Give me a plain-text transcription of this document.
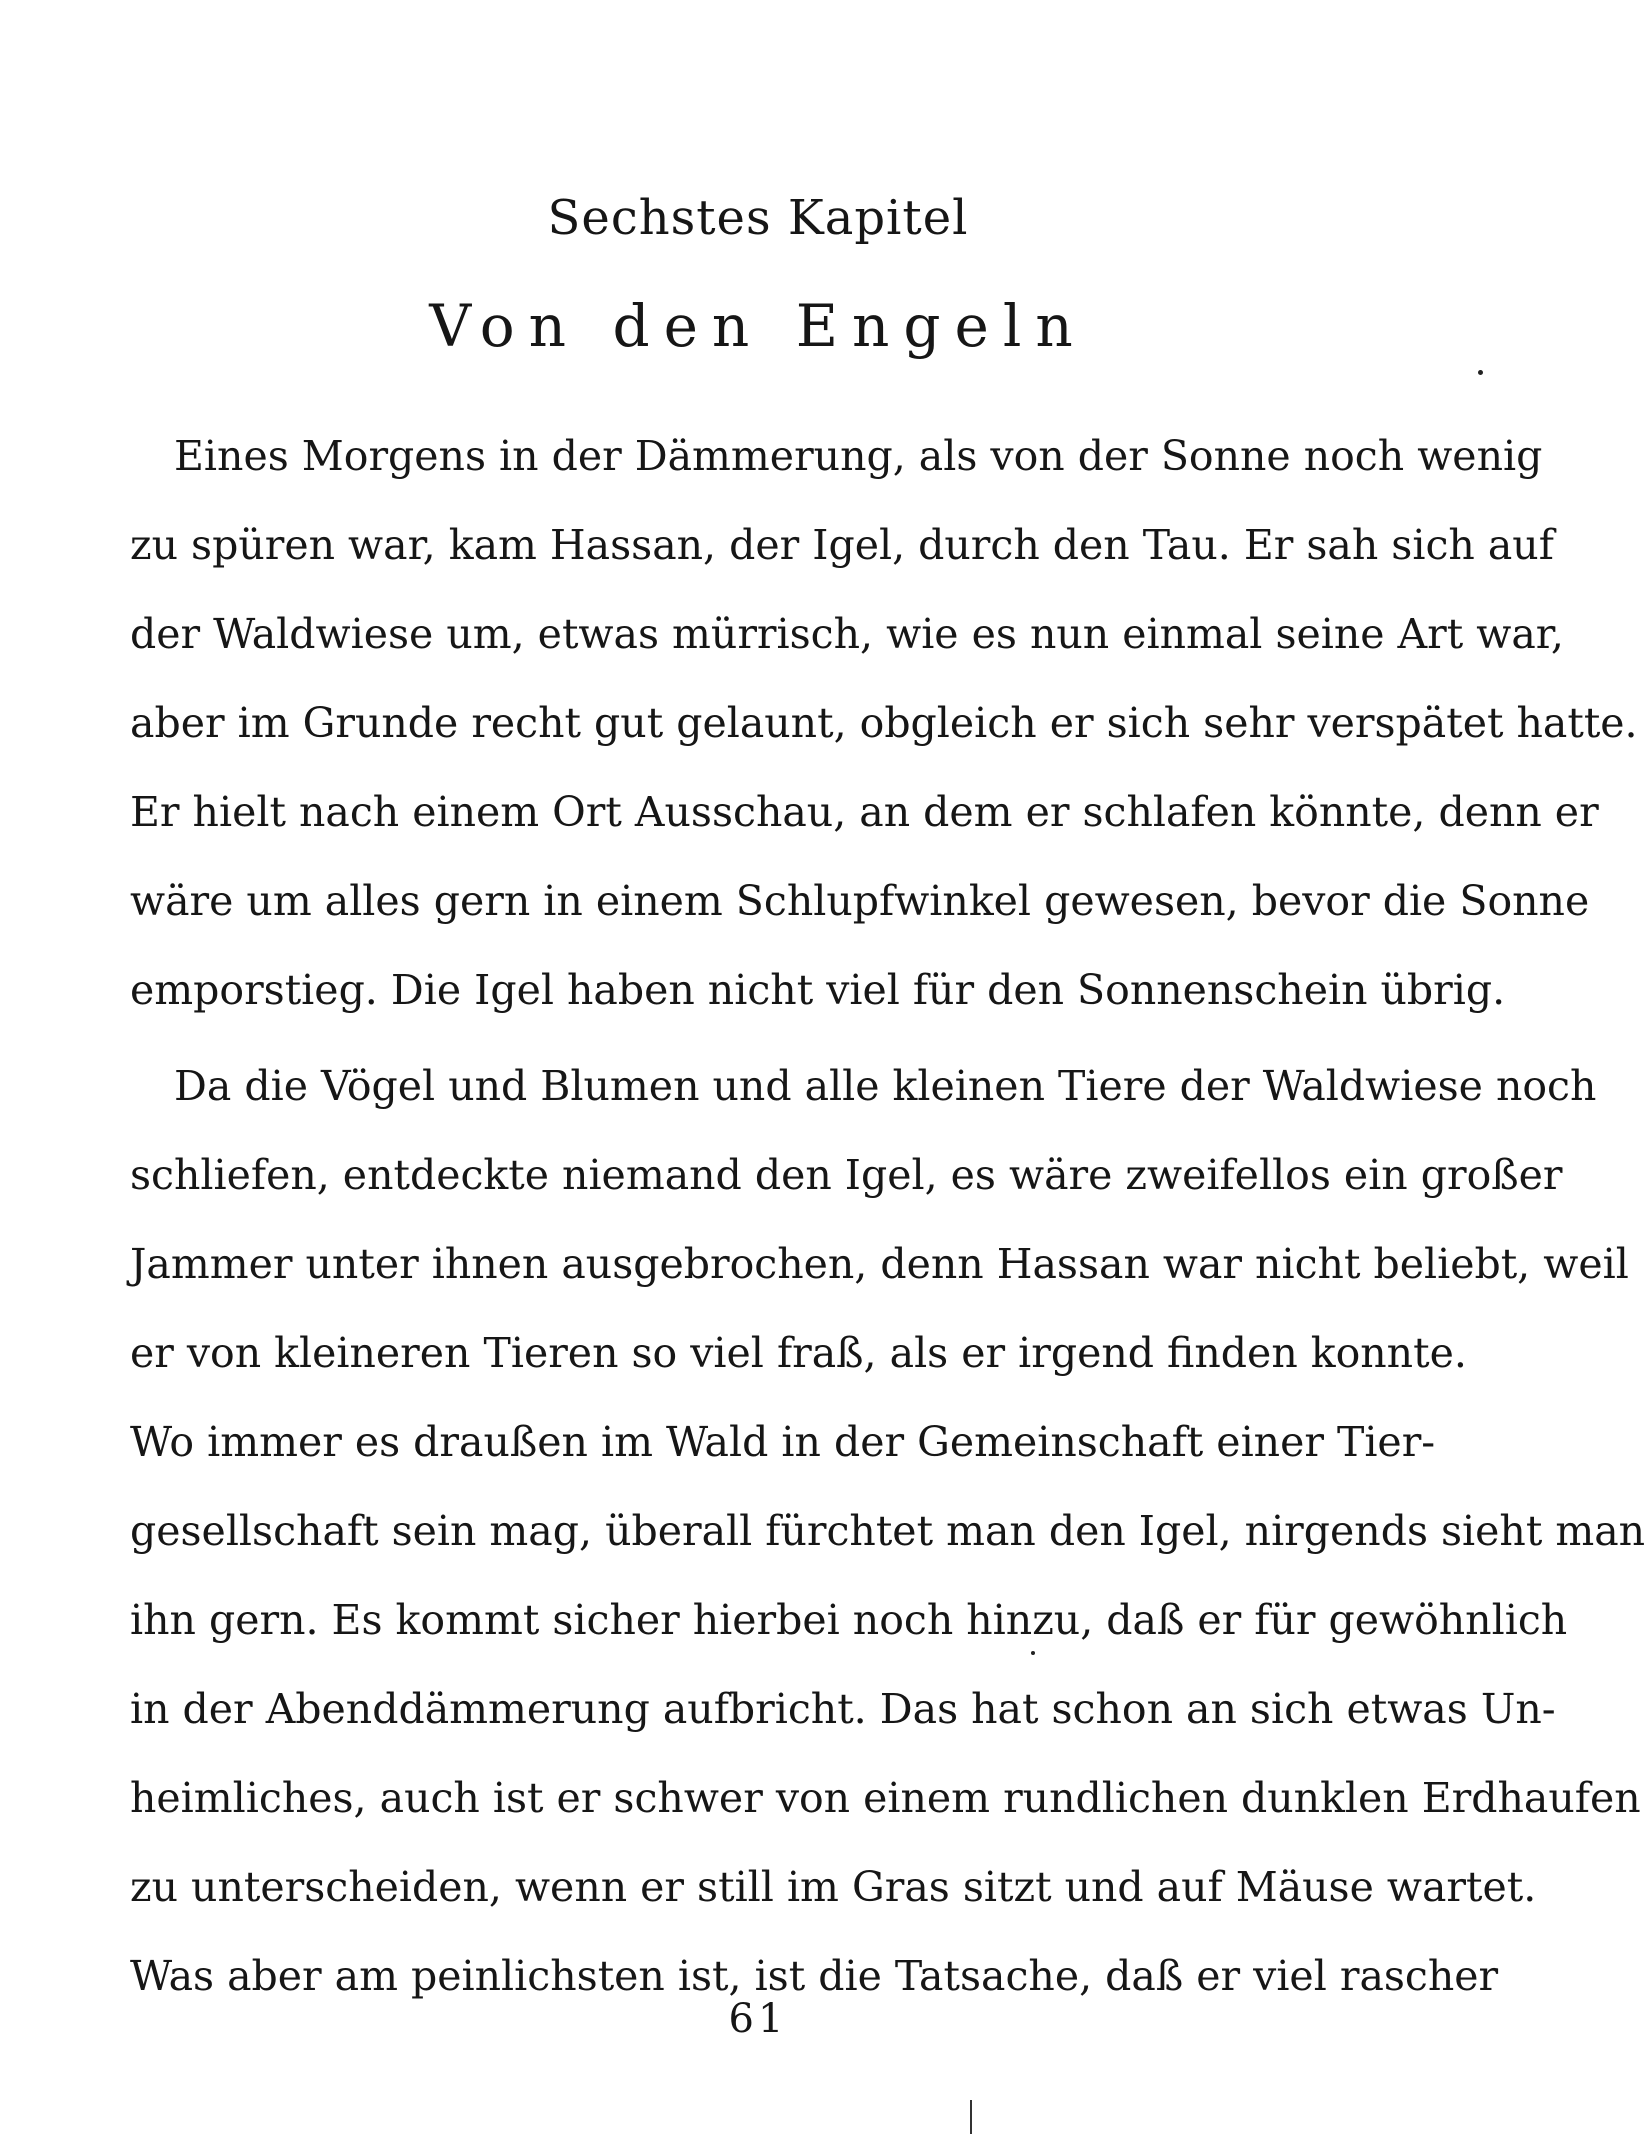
Sechstes Kapitel
Von den Engeln
Eines Morgens in der Dämmerung, als von der Sonne noch wenig
zu spüren war, kam Hassan, der Igel, durch den Tau. Er sah sich auf
der Waldwiese um, etwas mürrisch, wie es nun einmal seine Art war,
aber im Grunde recht gut gelaunt, obgleich er sich sehr verspätet hatte.
Er hielt nach einem Ort Ausschau, an dem er schlafen könnte, denn er
wäre um alles gern in einem Schlupfwinkel gewesen, bevor die Sonne
emporstieg. Die Igel haben nicht viel für den Sonnenschein übrig.
Da die Vögel und Blumen und alle kleinen Tiere der Waldwiese noch
schliefen, entdeckte niemand den Igel, es wäre zweifellos ein großer
Jammer unter ihnen ausgebrochen, denn Hassan war nicht beliebt, weil
er von kleineren Tieren so viel fraß, als er irgend finden konnte.
Wo immer es draußen im Wald in der Gemeinschaft einer Tier-
gesellschaft sein mag, überall fürchtet man den Igel, nirgends sieht man
ihn gern. Es kommt sicher hierbei noch hinzu, daß er für gewöhnlich
in der Abenddämmerung aufbricht. Das hat schon an sich etwas Un-
heimliches, auch ist er schwer von einem rundlichen dunklen Erdhaufen
zu unterscheiden, wenn er still im Gras sitzt und auf Mäuse wartet.
Was aber am peinlichsten ist, ist die Tatsache, daß er viel rascher
61
